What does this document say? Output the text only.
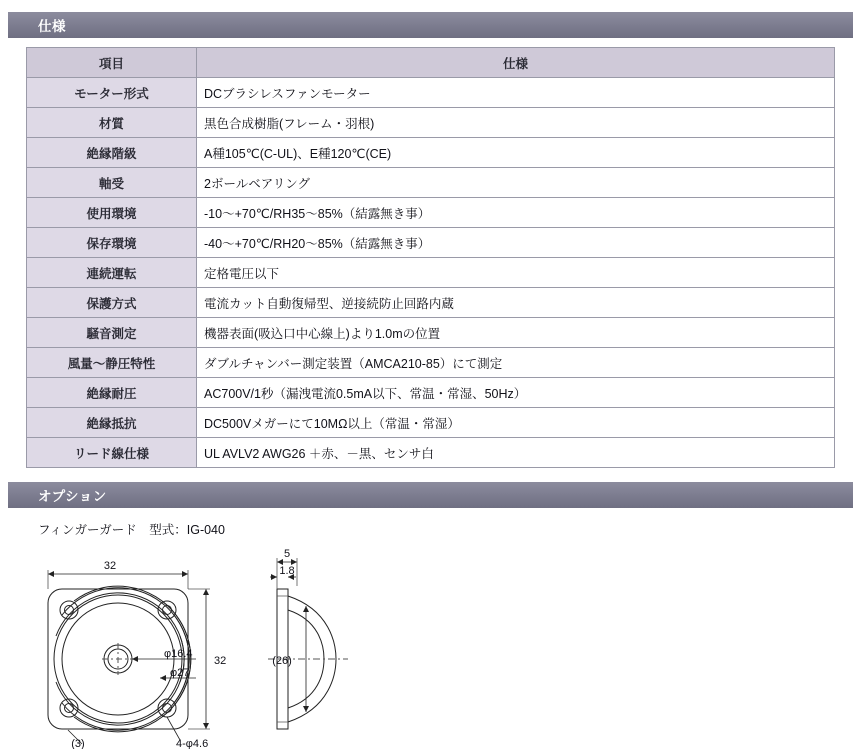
仕様
項目	仕様
モーター形式	DCブラシレスファンモーター
材質	黒色合成樹脂(フレーム・羽根)
絶縁階級	A種105℃(C-UL)、E種120℃(CE)
軸受	2ボールベアリング
使用環境	-10〜+70℃/RH35〜85%（結露無き事）
保存環境	-40〜+70℃/RH20〜85%（結露無き事）
連続運転	定格電圧以下
保護方式	電流カット自動復帰型、逆接続防止回路内蔵
騒音測定	機器表面(吸込口中心線上)より1.0mの位置
風量〜静圧特性	ダブルチャンバー測定装置（AMCA210-85）にて測定
絶縁耐圧	AC700V/1秒（漏洩電流0.5mA以下、常温・常湿、50Hz）
絶縁抵抗	DC500Vメガーにて10MΩ以上（常温・常湿）
リード線仕様	UL AVLV2 AWG26 ＋赤、－黒、センサ白
オプション
フィンガーガード　型式：IG-040
32
32
φ16.4
φ27
(3)	4-φ4.6
5
1.8
(26)
